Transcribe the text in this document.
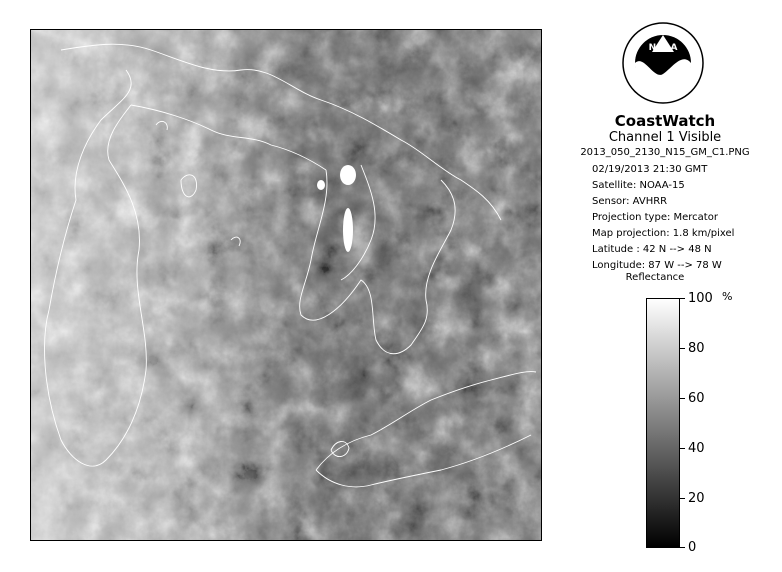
NOAA
CoastWatch
Channel 1 Visible
2013_050_2130_N15_GM_C1.PNG
02/19/2013 21:30 GMT
Satellite: NOAA-15
Sensor: AVHRR
Projection type: Mercator
Map projection: 1.8 km/pixel
Latitude : 42 N --> 48 N
Longitude: 87 W --> 78 W
Reflectance
%
100
80
60
40
20
0
